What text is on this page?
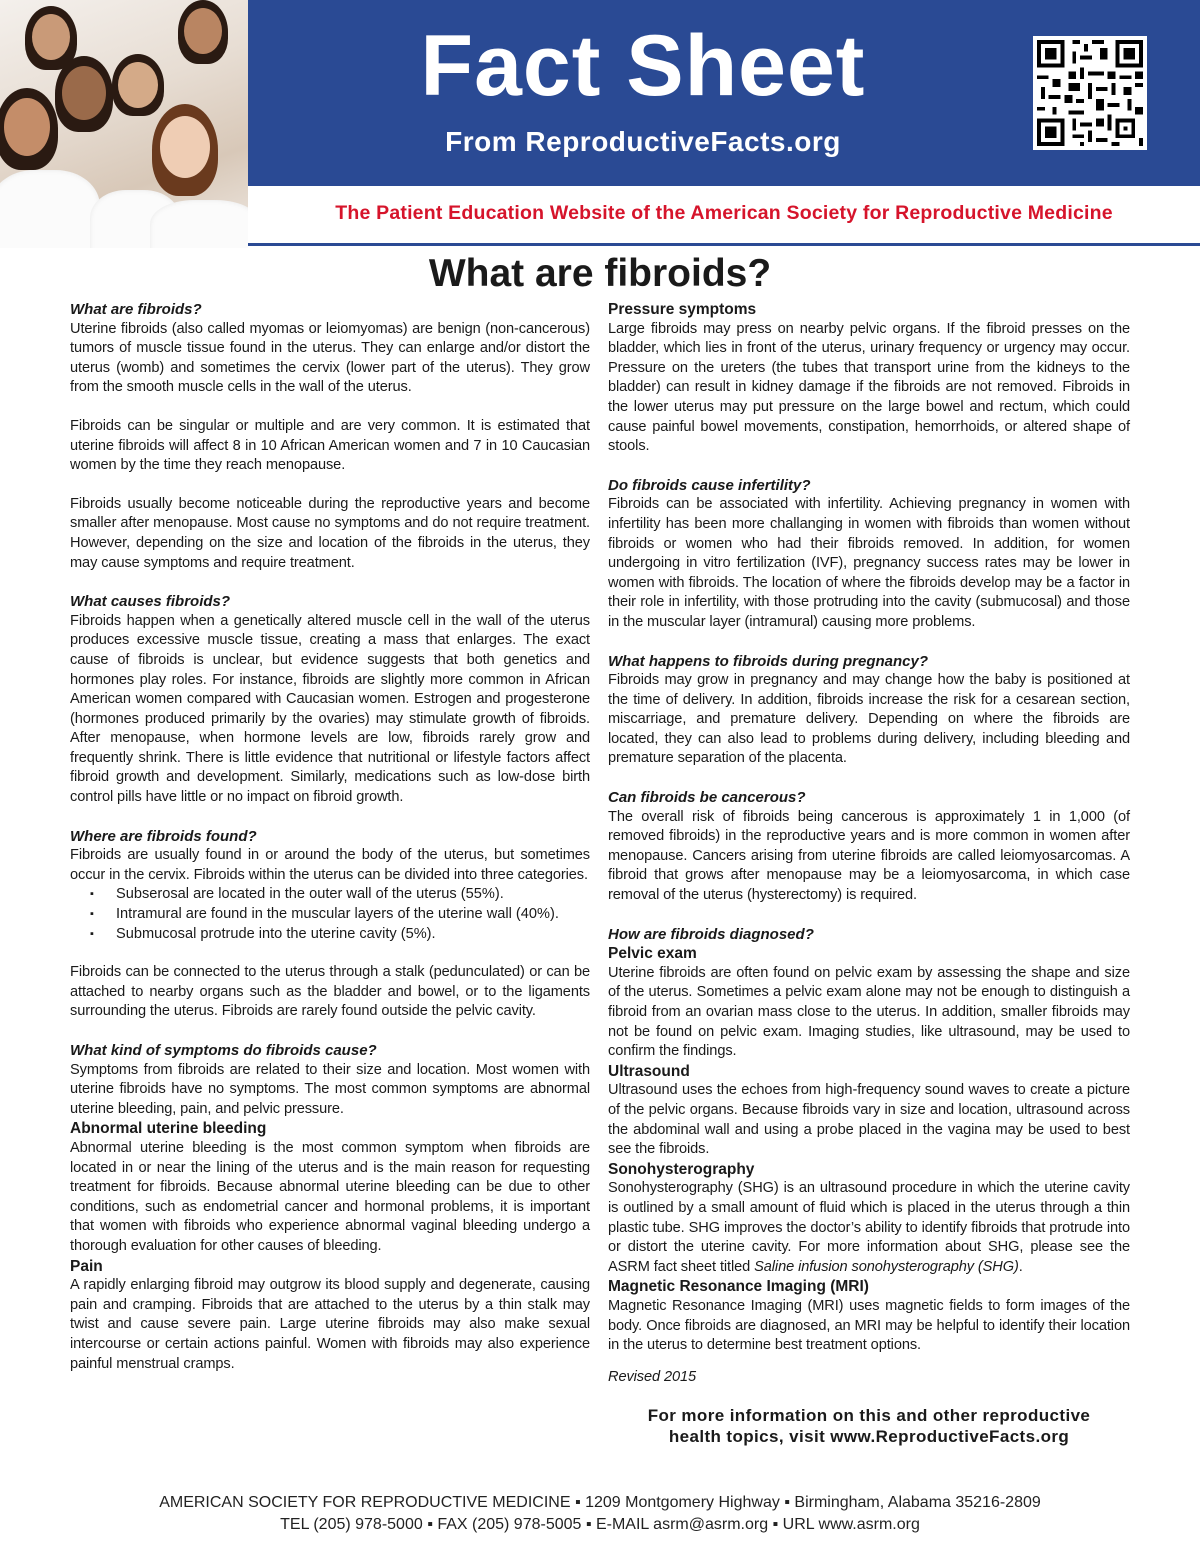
Fact Sheet
From ReproductiveFacts.org
The Patient Education Website of the American Society for Reproductive Medicine
What are fibroids?
What are fibroids?

Uterine fibroids (also called myomas or leiomyomas) are benign (non-cancerous) tumors of muscle tissue found in the uterus. They can enlarge and/or distort the uterus (womb) and sometimes the cervix (lower part of the uterus). They grow from the smooth muscle cells in the wall of the uterus.

Fibroids can be singular or multiple and are very common. It is estimated that uterine fibroids will affect 8 in 10 African American women and 7 in 10 Caucasian women by the time they reach menopause.

Fibroids usually become noticeable during the reproductive years and become smaller after menopause. Most cause no symptoms and do not require treatment. However, depending on the size and location of the fibroids in the uterus, they may cause symptoms and require treatment.

What causes fibroids?

Fibroids happen when a genetically altered muscle cell in the wall of the uterus produces excessive muscle tissue, creating a mass that enlarges. The exact cause of fibroids is unclear, but evidence suggests that both genetics and hormones play roles. For instance, fibroids are slightly more common in African American women compared with Caucasian women. Estrogen and progesterone (hormones produced primarily by the ovaries) may stimulate growth of fibroids. After menopause, when hormone levels are low, fibroids rarely grow and frequently shrink. There is little evidence that nutritional or lifestyle factors affect fibroid growth and development. Similarly, medications such as low-dose birth control pills have little or no impact on fibroid growth.

Where are fibroids found?

Fibroids are usually found in or around the body of the uterus, but sometimes occur in the cervix. Fibroids within the uterus can be divided into three categories.

▪ Subserosal are located in the outer wall of the uterus (55%).
▪ Intramural are found in the muscular layers of the uterine wall (40%).
▪ Submucosal protrude into the uterine cavity (5%).

Fibroids can be connected to the uterus through a stalk (pedunculated) or can be attached to nearby organs such as the bladder and bowel, or to the ligaments surrounding the uterus. Fibroids are rarely found outside the pelvic cavity.

What kind of symptoms do fibroids cause?

Symptoms from fibroids are related to their size and location. Most women with uterine fibroids have no symptoms. The most common symptoms are abnormal uterine bleeding, pain, and pelvic pressure.

Abnormal uterine bleeding

Abnormal uterine bleeding is the most common symptom when fibroids are located in or near the lining of the uterus and is the main reason for requesting treatment for fibroids. Because abnormal uterine bleeding can be due to other conditions, such as endometrial cancer and hormonal problems, it is important that women with fibroids who experience abnormal vaginal bleeding undergo a thorough evaluation for other causes of bleeding.

Pain

A rapidly enlarging fibroid may outgrow its blood supply and degenerate, causing pain and cramping. Fibroids that are attached to the uterus by a thin stalk may twist and cause severe pain. Large uterine fibroids may also make sexual intercourse or certain actions painful. Women with fibroids may also experience painful menstrual cramps.

Pressure symptoms

Large fibroids may press on nearby pelvic organs. If the fibroid presses on the bladder, which lies in front of the uterus, urinary frequency or urgency may occur. Pressure on the ureters (the tubes that transport urine from the kidneys to the bladder) can result in kidney damage if the fibroids are not removed. Fibroids in the lower uterus may put pressure on the large bowel and rectum, which could cause painful bowel movements, constipation, hemorrhoids, or altered shape of stools.

Do fibroids cause infertility?

Fibroids can be associated with infertility. Achieving pregnancy in women with infertility has been more challanging in women with fibroids than women without fibroids or women who had their fibroids removed. In addition, for women undergoing in vitro fertilization (IVF), pregnancy success rates may be lower in women with fibroids. The location of where the fibroids develop may be a factor in their role in infertility, with those protruding into the cavity (submucosal) and those in the muscular layer (intramural) causing more problems.

What happens to fibroids during pregnancy?

Fibroids may grow in pregnancy and may change how the baby is positioned at the time of delivery. In addition, fibroids increase the risk for a cesarean section, miscarriage, and premature delivery. Depending on where the fibroids are located, they can also lead to problems during delivery, including bleeding and premature separation of the placenta.

Can fibroids be cancerous?

The overall risk of fibroids being cancerous is approximately 1 in 1,000 (of removed fibroids) in the reproductive years and is more common in women after menopause. Cancers arising from uterine fibroids are called leiomyosarcomas. A fibroid that grows after menopause may be a leiomyosarcoma, in which case removal of the uterus (hysterectomy) is required.

How are fibroids diagnosed?
Pelvic exam

Uterine fibroids are often found on pelvic exam by assessing the shape and size of the uterus. Sometimes a pelvic exam alone may not be enough to distinguish a fibroid from an ovarian mass close to the uterus. In addition, smaller fibroids may not be found on pelvic exam. Imaging studies, like ultrasound, may be used to confirm the findings.

Ultrasound

Ultrasound uses the echoes from high-frequency sound waves to create a picture of the pelvic organs. Because fibroids vary in size and location, ultrasound across the abdominal wall and using a probe placed in the vagina may be used to best see the fibroids.

Sonohysterography

Sonohysterography (SHG) is an ultrasound procedure in which the uterine cavity is outlined by a small amount of fluid which is placed in the uterus through a thin plastic tube. SHG improves the doctor’s ability to identify fibroids that protrude into or distort the uterine cavity. For more information about SHG, please see the ASRM fact sheet titled Saline infusion sonohysterography (SHG).

Magnetic Resonance Imaging (MRI)

Magnetic Resonance Imaging (MRI) uses magnetic fields to form images of the body. Once fibroids are diagnosed, an MRI may be helpful to identify their location in the uterus to determine best treatment options.

Revised 2015

For more information on this and other reproductive
health topics, visit www.ReproductiveFacts.org
AMERICAN SOCIETY FOR REPRODUCTIVE MEDICINE ▪ 1209 Montgomery Highway ▪ Birmingham, Alabama 35216-2809
TEL (205) 978-5000 ▪ FAX (205) 978-5005 ▪ E-MAIL asrm@asrm.org ▪ URL www.asrm.org
